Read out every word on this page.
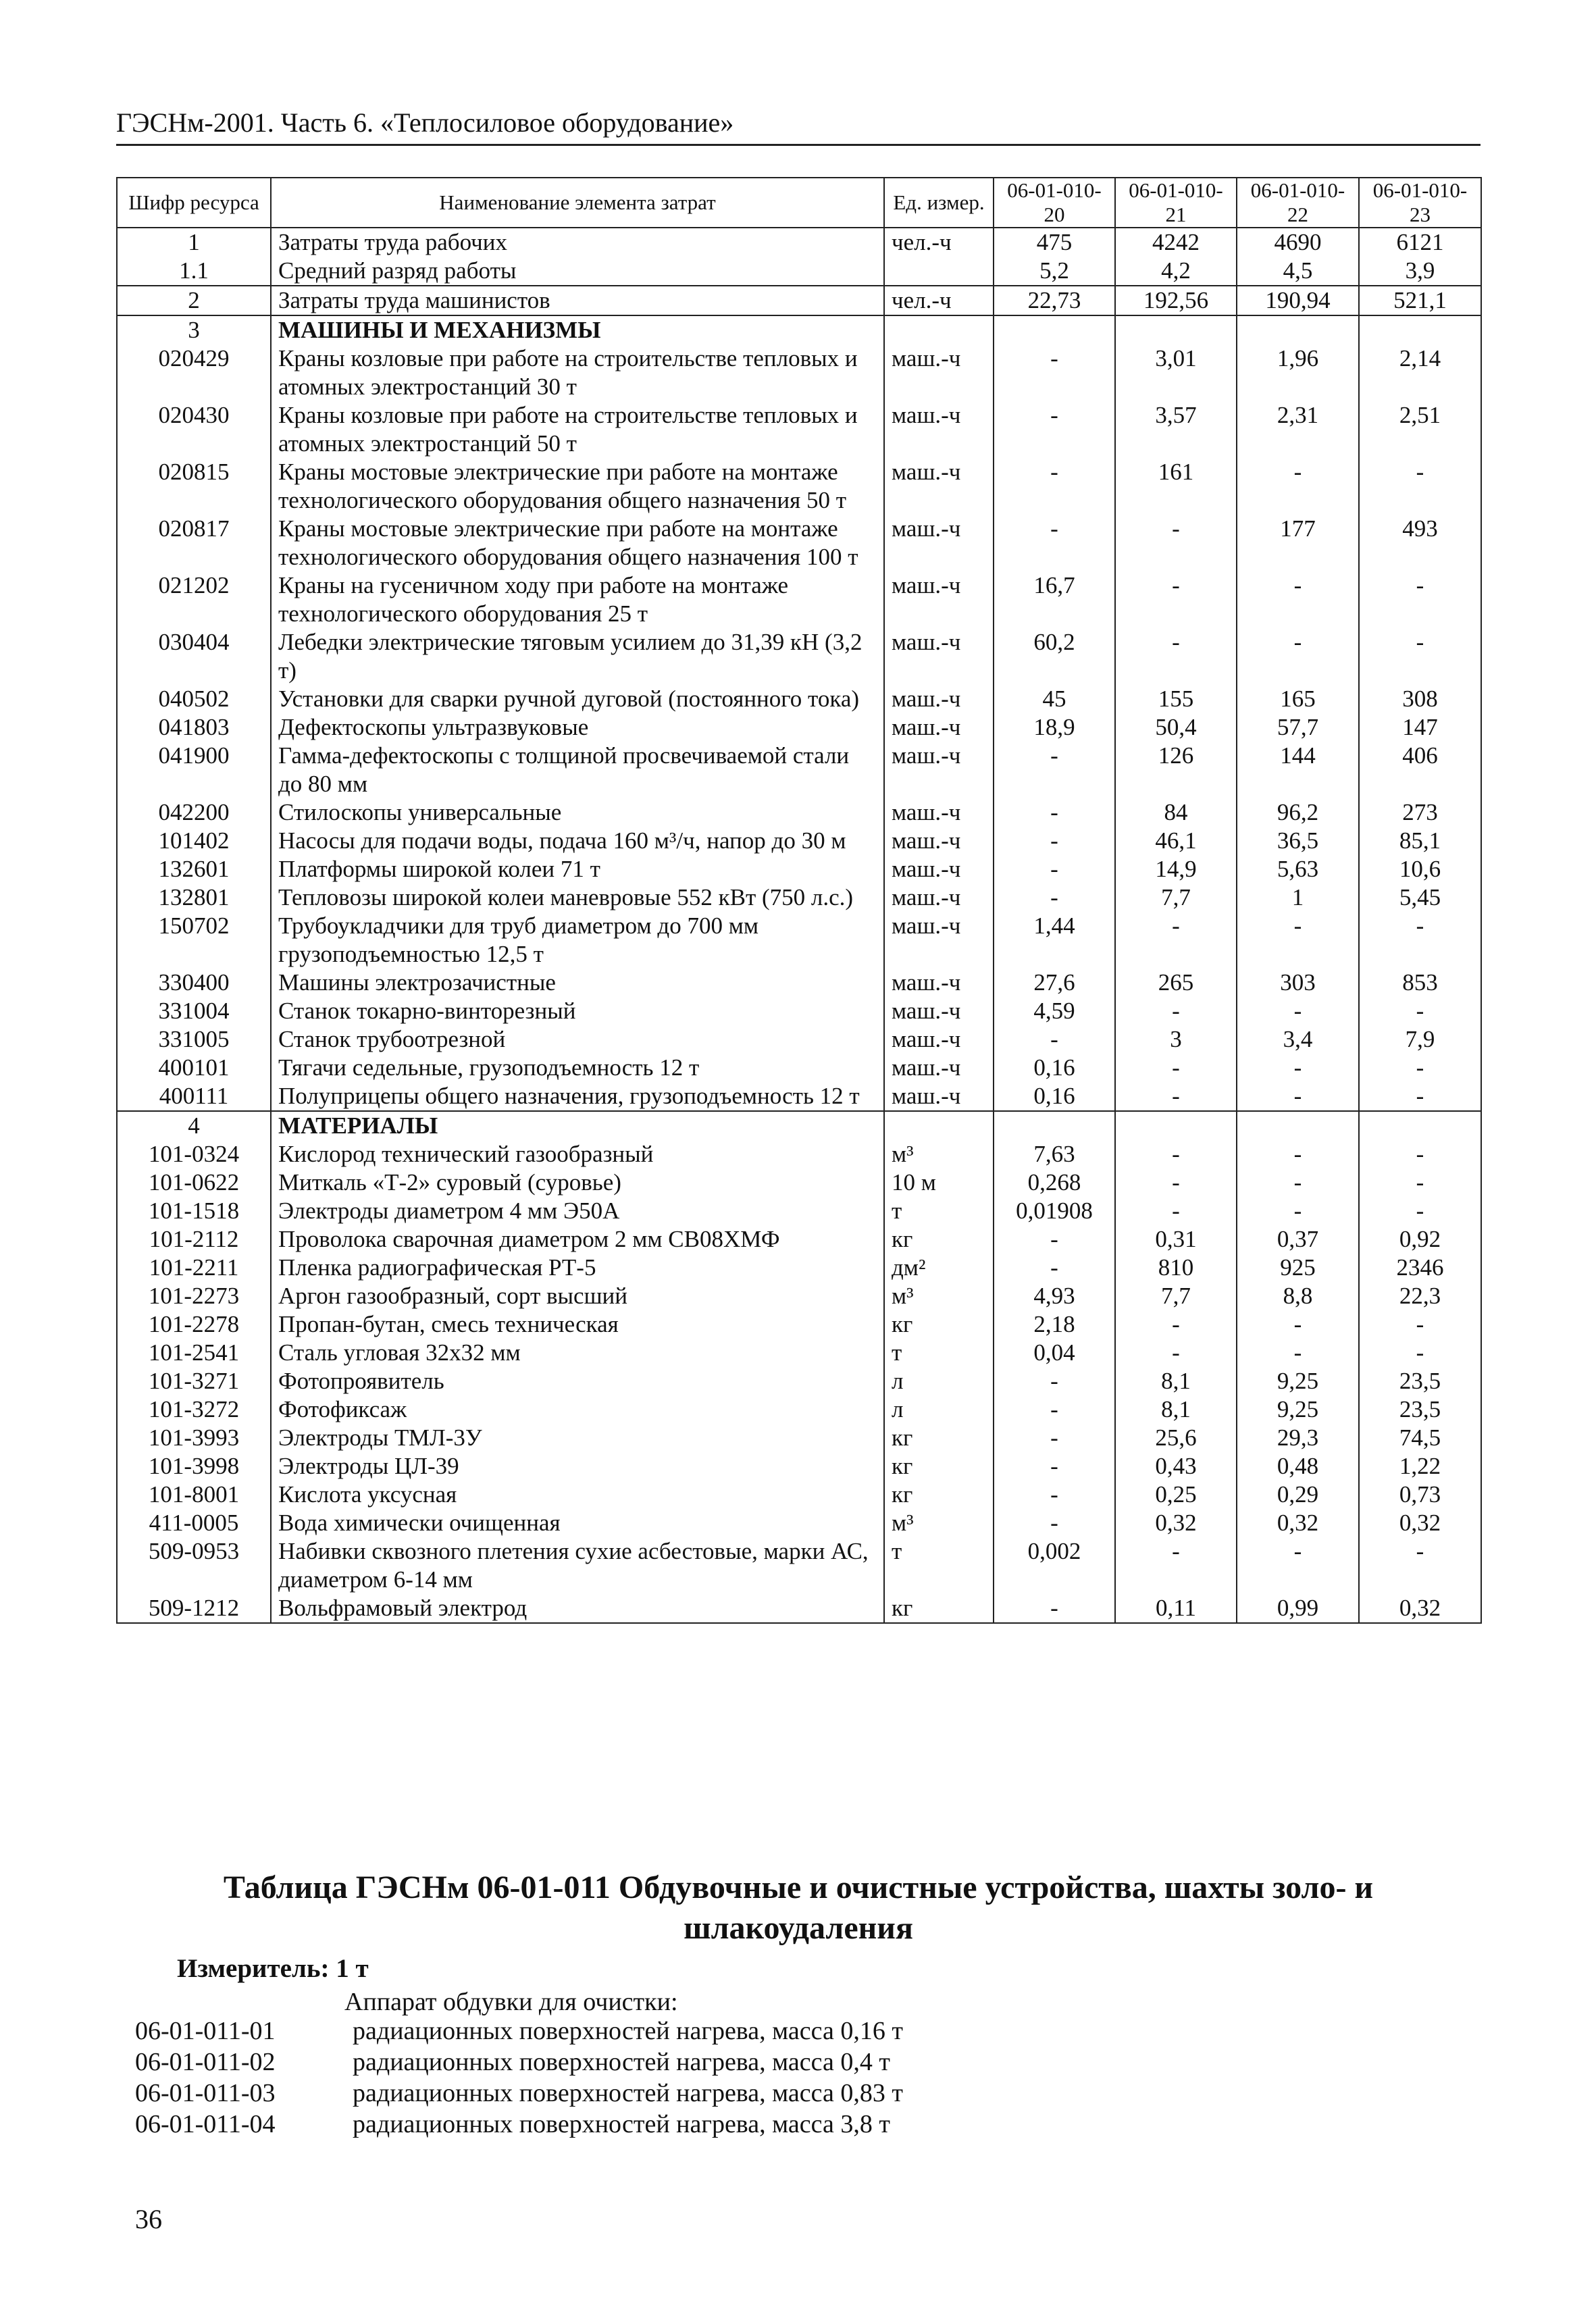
ГЭСНм-2001. Часть 6. «Теплосиловое оборудование»
Шифр ресурса	Наименование элемента затрат	Ед. измер.	06-01-010-20	06-01-010-21	06-01-010-22	06-01-010-23
1	Затраты труда рабочих	чел.-ч	475	4242	4690	6121
1.1	Средний разряд работы		5,2	4,2	4,5	3,9
2	Затраты труда машинистов	чел.-ч	22,73	192,56	190,94	521,1
3	МАШИНЫ И МЕХАНИЗМЫ					
020429	Краны козловые при работе на строительстве тепловых и атомных электростанций 30 т	маш.-ч	-	3,01	1,96	2,14
020430	Краны козловые при работе на строительстве тепловых и атомных электростанций 50 т	маш.-ч	-	3,57	2,31	2,51
020815	Краны мостовые электрические при работе на монтаже технологического оборудования общего назначения 50 т	маш.-ч	-	161	-	-
020817	Краны мостовые электрические при работе на монтаже технологического оборудования общего назначения 100 т	маш.-ч	-	-	177	493
021202	Краны на гусеничном ходу при работе на монтаже технологического оборудования 25 т	маш.-ч	16,7	-	-	-
030404	Лебедки электрические тяговым усилием до 31,39 кН (3,2 т)	маш.-ч	60,2	-	-	-
040502	Установки для сварки ручной дуговой (постоянного тока)	маш.-ч	45	155	165	308
041803	Дефектоскопы ультразвуковые	маш.-ч	18,9	50,4	57,7	147
041900	Гамма-дефектоскопы с толщиной просвечиваемой стали до 80 мм	маш.-ч	-	126	144	406
042200	Стилоскопы универсальные	маш.-ч	-	84	96,2	273
101402	Насосы для подачи воды, подача 160 м³/ч, напор до 30 м	маш.-ч	-	46,1	36,5	85,1
132601	Платформы широкой колеи 71 т	маш.-ч	-	14,9	5,63	10,6
132801	Тепловозы широкой колеи маневровые 552 кВт (750 л.с.)	маш.-ч	-	7,7	1	5,45
150702	Трубоукладчики для труб диаметром до 700 мм грузоподъемностью 12,5 т	маш.-ч	1,44	-	-	-
330400	Машины электрозачистные	маш.-ч	27,6	265	303	853
331004	Станок токарно-винторезный	маш.-ч	4,59	-	-	-
331005	Станок трубоотрезной	маш.-ч	-	3	3,4	7,9
400101	Тягачи седельные, грузоподъемность 12 т	маш.-ч	0,16	-	-	-
400111	Полуприцепы общего назначения, грузоподъемность 12 т	маш.-ч	0,16	-	-	-
4	МАТЕРИАЛЫ					
101-0324	Кислород технический газообразный	м³	7,63	-	-	-
101-0622	Миткаль «Т-2» суровый (суровье)	10 м	0,268	-	-	-
101-1518	Электроды диаметром 4 мм Э50А	т	0,01908	-	-	-
101-2112	Проволока сварочная диаметром 2 мм СВ08ХМФ	кг	-	0,31	0,37	0,92
101-2211	Пленка радиографическая РТ-5	дм²	-	810	925	2346
101-2273	Аргон газообразный, сорт высший	м³	4,93	7,7	8,8	22,3
101-2278	Пропан-бутан, смесь техническая	кг	2,18	-	-	-
101-2541	Сталь угловая 32х32 мм	т	0,04	-	-	-
101-3271	Фотопроявитель	л	-	8,1	9,25	23,5
101-3272	Фотофиксаж	л	-	8,1	9,25	23,5
101-3993	Электроды ТМЛ-3У	кг	-	25,6	29,3	74,5
101-3998	Электроды ЦЛ-39	кг	-	0,43	0,48	1,22
101-8001	Кислота уксусная	кг	-	0,25	0,29	0,73
411-0005	Вода химически очищенная	м³	-	0,32	0,32	0,32
509-0953	Набивки сквозного плетения сухие асбестовые, марки АС, диаметром 6-14 мм	т	0,002	-	-	-
509-1212	Вольфрамовый электрод	кг	-	0,11	0,99	0,32
Таблица ГЭСНм 06-01-011 Обдувочные и очистные устройства, шахты золо- и шлакоудаления
Измеритель: 1 т
Аппарат обдувки для очистки:
06-01-011-01	радиационных поверхностей нагрева, масса 0,16 т
06-01-011-02	радиационных поверхностей нагрева, масса 0,4 т
06-01-011-03	радиационных поверхностей нагрева, масса 0,83 т
06-01-011-04	радиационных поверхностей нагрева, масса 3,8 т
36
